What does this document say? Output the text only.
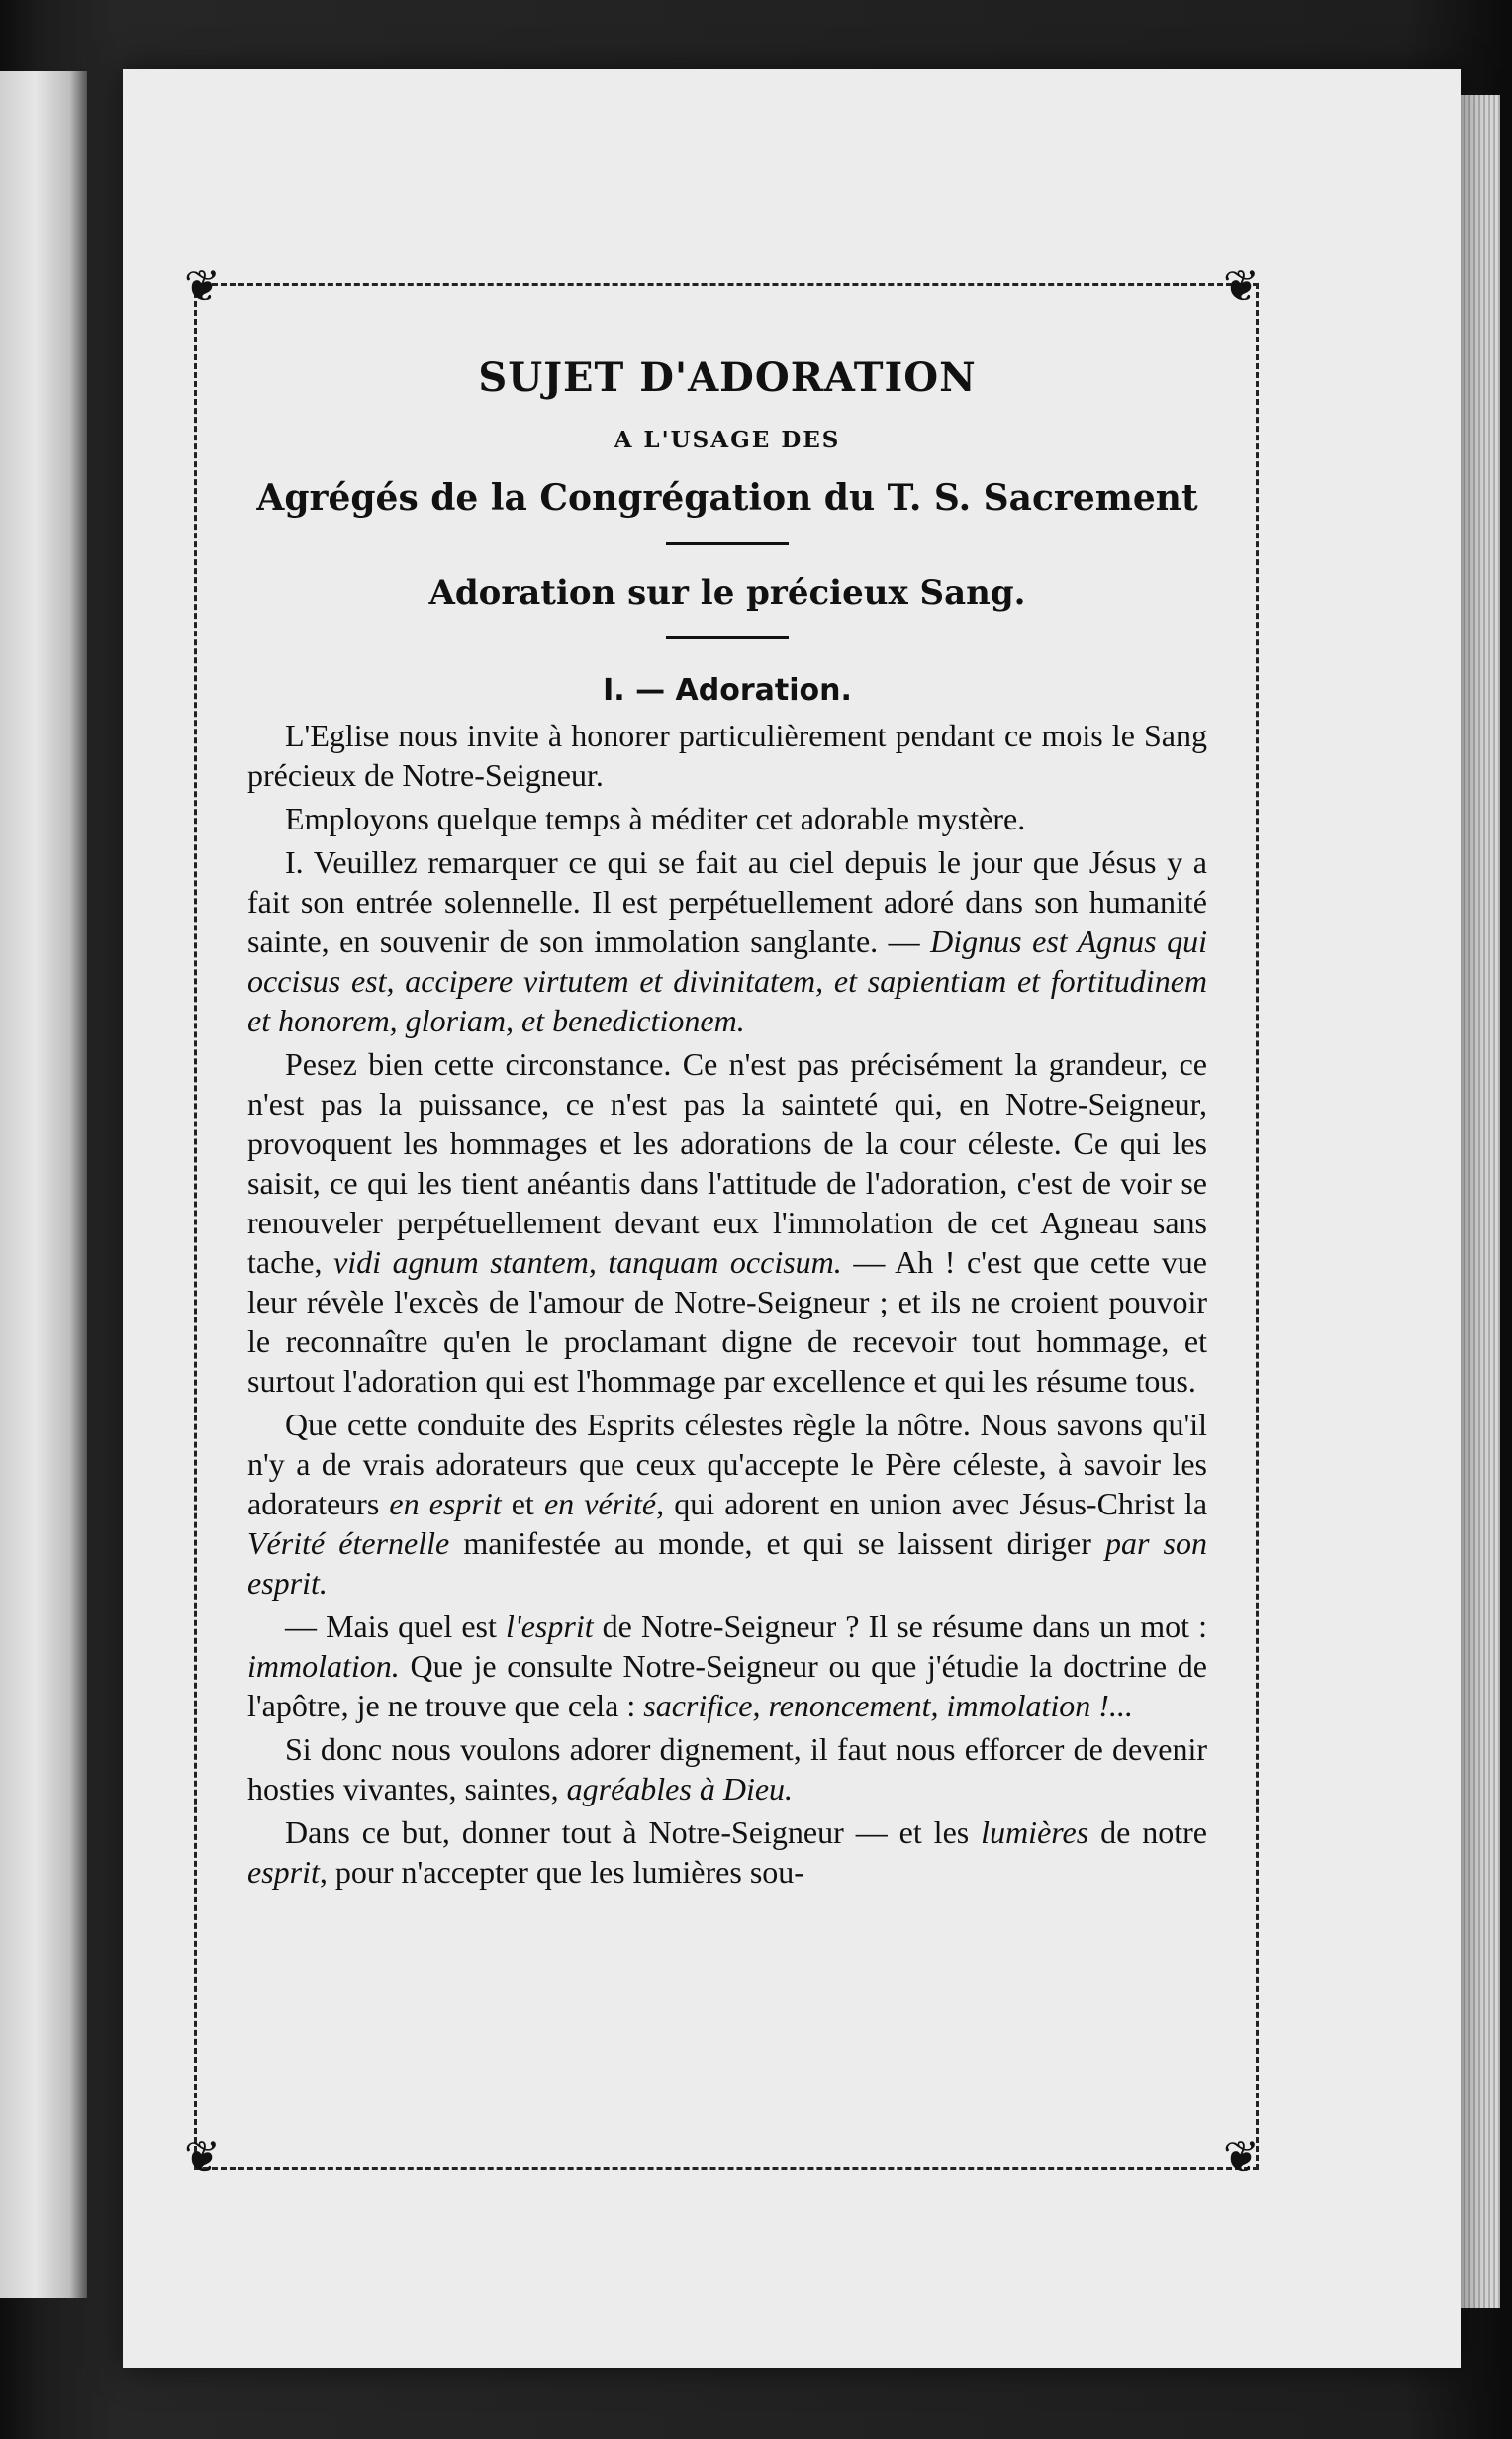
❦	❦
❦	❦
SUJET D'ADORATION
A L'USAGE DES
Agrégés de la Congrégation du T. S. Sacrement
Adoration sur le précieux Sang.
I. — Adoration.

L'Eglise nous invite à honorer particulièrement pendant ce mois le Sang précieux de Notre-Seigneur.

Employons quelque temps à méditer cet adorable mystère.

I. Veuillez remarquer ce qui se fait au ciel depuis le jour que Jésus y a fait son entrée solennelle. Il est perpétuellement adoré dans son humanité sainte, en souvenir de son immolation sanglante. — Dignus est Agnus qui occisus est, accipere virtutem et divinitatem, et sapientiam et fortitudinem et honorem, gloriam, et benedictionem.

Pesez bien cette circonstance. Ce n'est pas précisément la grandeur, ce n'est pas la puissance, ce n'est pas la sainteté qui, en Notre-Seigneur, provoquent les hommages et les adorations de la cour céleste. Ce qui les saisit, ce qui les tient anéantis dans l'attitude de l'adoration, c'est de voir se renouveler perpétuellement devant eux l'immolation de cet Agneau sans tache, vidi agnum stantem, tanquam occisum. — Ah ! c'est que cette vue leur révèle l'excès de l'amour de Notre-Seigneur ; et ils ne croient pouvoir le reconnaître qu'en le proclamant digne de recevoir tout hommage, et surtout l'adoration qui est l'hommage par excellence et qui les résume tous.

Que cette conduite des Esprits célestes règle la nôtre. Nous savons qu'il n'y a de vrais adorateurs que ceux qu'accepte le Père céleste, à savoir les adorateurs en esprit et en vérité, qui adorent en union avec Jésus-Christ la Vérité éternelle manifestée au monde, et qui se laissent diriger par son esprit.

— Mais quel est l'esprit de Notre-Seigneur ? Il se résume dans un mot : immolation. Que je consulte Notre-Seigneur ou que j'étudie la doctrine de l'apôtre, je ne trouve que cela : sacrifice, renoncement, immolation !...

Si donc nous voulons adorer dignement, il faut nous efforcer de devenir hosties vivantes, saintes, agréables à Dieu.

Dans ce but, donner tout à Notre-Seigneur — et les lumières de notre esprit, pour n'accepter que les lumières sou-
